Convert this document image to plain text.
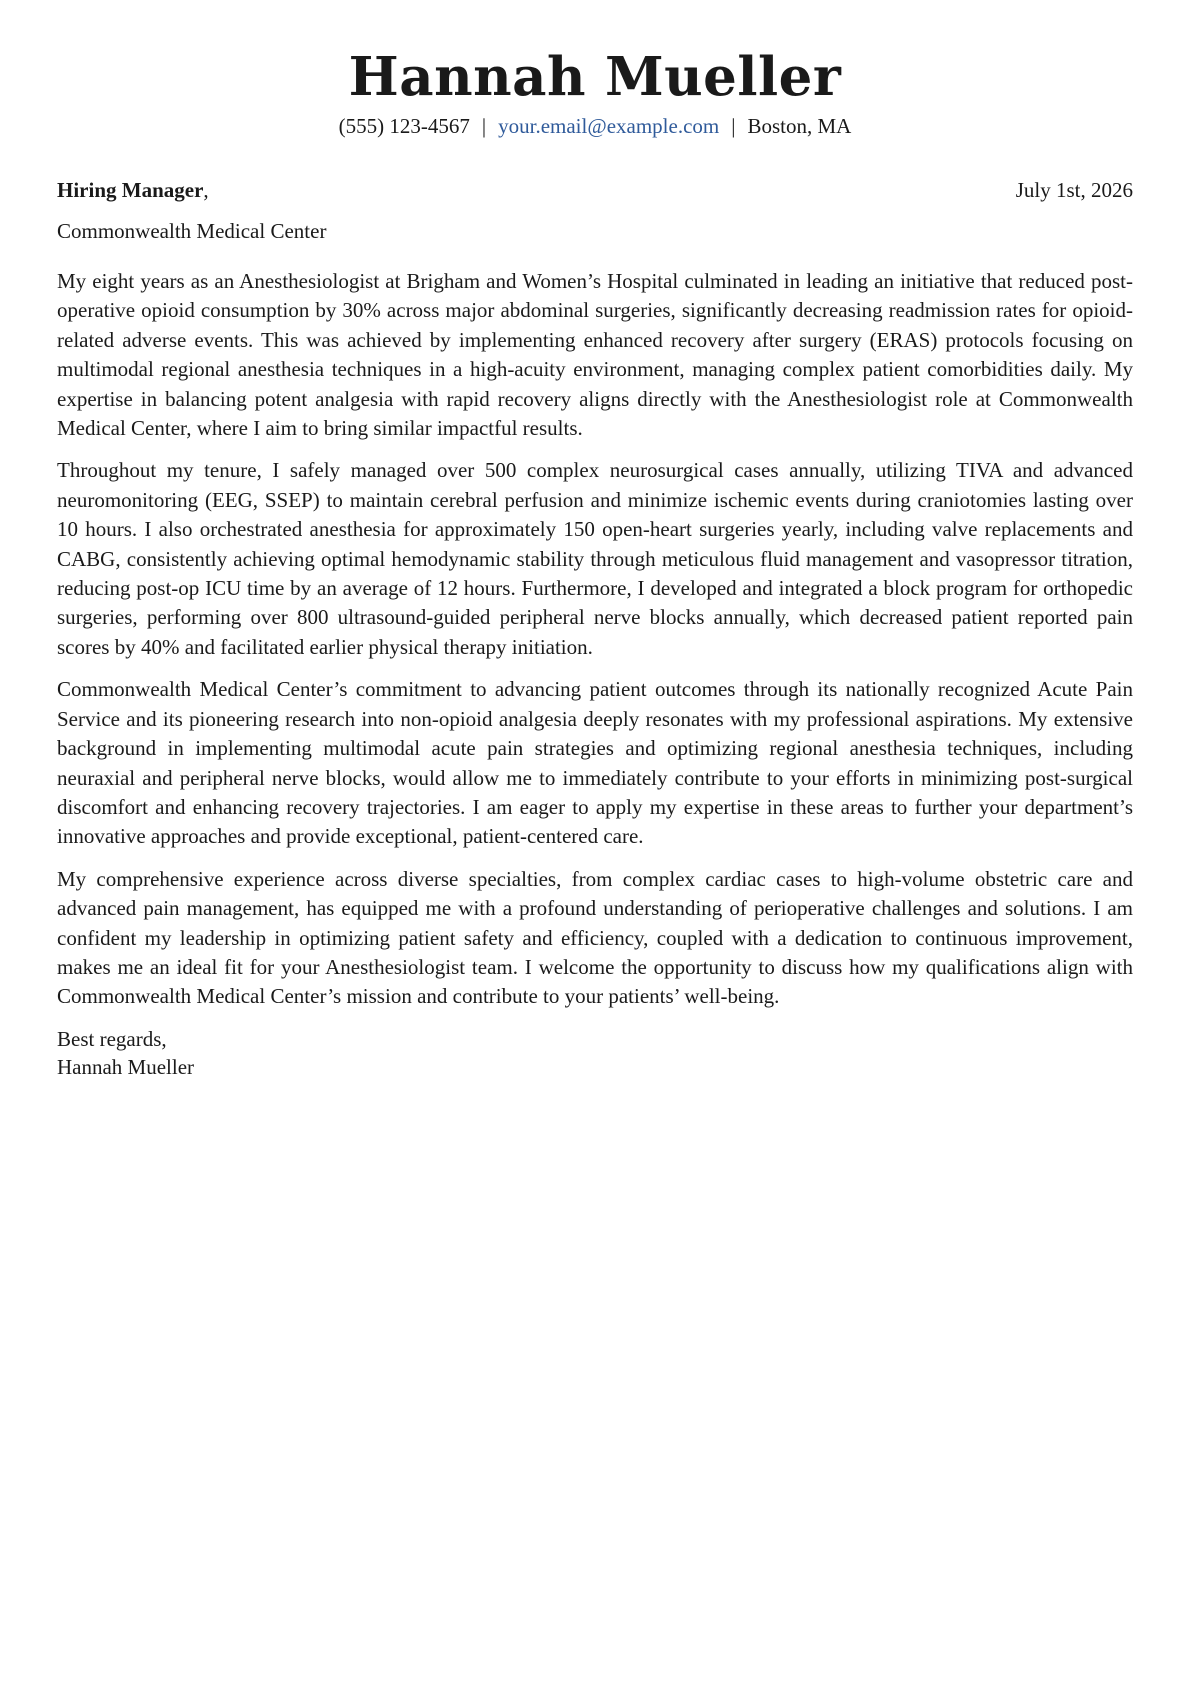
Hannah Mueller
(555) 123-4567 | your.email@example.com | Boston, MA
Hiring Manager,	July 1st, 2026
Commonwealth Medical Center

My eight years as an Anesthesiologist at Brigham and Women’s Hospital culminated in leading an initiative that reduced post-operative opioid consumption by 30% across major abdominal surgeries, significantly decreasing readmission rates for opioid-related adverse events. This was achieved by implementing enhanced recovery after surgery (ERAS) protocols focusing on multimodal regional anesthesia techniques in a high-acuity environment, managing complex patient comorbidities daily. My expertise in balancing potent analgesia with rapid recovery aligns directly with the Anesthesiologist role at Commonwealth Medical Center, where I aim to bring similar impactful results.

Throughout my tenure, I safely managed over 500 complex neurosurgical cases annually, utilizing TIVA and advanced neuromonitoring (EEG, SSEP) to maintain cerebral perfusion and minimize ischemic events during craniotomies lasting over 10 hours. I also orchestrated anesthesia for approximately 150 open-heart surgeries yearly, including valve replacements and CABG, consistently achieving optimal hemodynamic stability through meticulous fluid management and vasopressor titration, reducing post-op ICU time by an average of 12 hours. Furthermore, I developed and integrated a block program for orthopedic surgeries, performing over 800 ultrasound-guided peripheral nerve blocks annually, which decreased patient reported pain scores by 40% and facilitated earlier physical therapy initiation.

Commonwealth Medical Center’s commitment to advancing patient outcomes through its nationally recognized Acute Pain Service and its pioneering research into non-opioid analgesia deeply resonates with my professional aspirations. My extensive background in implementing multimodal acute pain strategies and optimizing regional anesthesia techniques, including neuraxial and peripheral nerve blocks, would allow me to immediately contribute to your efforts in minimizing post-surgical discomfort and enhancing recovery trajectories. I am eager to apply my expertise in these areas to further your department’s innovative approaches and provide exceptional, patient-centered care.

My comprehensive experience across diverse specialties, from complex cardiac cases to high-volume obstetric care and advanced pain management, has equipped me with a profound understanding of perioperative challenges and solutions. I am confident my leadership in optimizing patient safety and efficiency, coupled with a dedication to continuous improvement, makes me an ideal fit for your Anesthesiologist team. I welcome the opportunity to discuss how my qualifications align with Commonwealth Medical Center’s mission and contribute to your patients’ well-being.

Best regards,
Hannah Mueller
